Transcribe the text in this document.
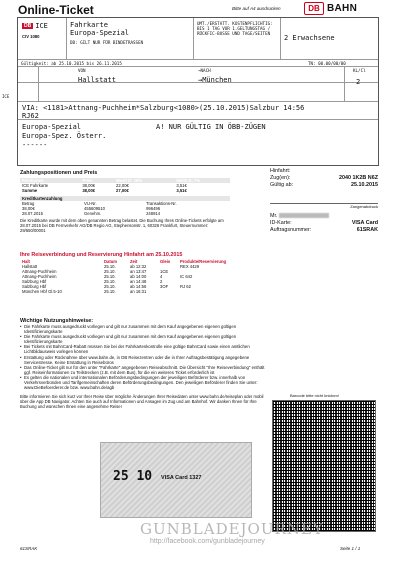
Online-Ticket	Bitte auf A4 ausdrucken	DB BAHN
DB ICE
CIV 1080
Fahrkarte
Europa-Spezial
DB: GILT NUR FÜR BINDETRASSEN
UMT./ERSTATT. KOSTENPFLICHTIG: BIS 1 TAG VOR 1.GELTUNGSTAG / RÜCKFIC-BUSSE UND TAGE/SEITEN
2 Erwachsene
Gültigkeit: ab 25.10.2015 bis 26.11.2015	TN: 00.00/00/00
VON	→NACH
Hallstatt	→München
KL/Cl
2
VIA: <1181>Attnang-Puchheim*Salzburg<1080>(25.10.2015)Salzbur 14:56
RJ62
Europa-Spezial	A! NUR GÜLTIG IN ÖBB-ZÜGEN
Europa-Spez. Österr.
------
ICE
Zahlungspositionen und Preis
Positionen	Preis	MwSt D: 19%	MwSt D: 7%
ICE Fahrkarte	38,00€	22,00€	3,51€
Summe	38,00€	27,00€	3,51€
Kreditkartenzahlung		
Betrag	VU-Nr.	Transaktions-Nr.
38,00€	455609510	996496
28.07.2015	Genehm.	248914
Die Kreditkarte wurde mit dem oben genannten Betrag belastet. Die Buchung Ihres Online-Tickets erfolgte am 28.07.2015 bei DB Fernverkehr AG/DB Regio AG, Stephensonstr. 1, 60326 Frankfurt, Steuernummer: 29/550/00001
Hinfahrt:
Zug(en):	2040 1K2B N6Z
Gültig ab:	25.10.2015
Zangenabdruck
Mr.
ID-Karte:	VISA Card
Auftragsnummer:	61SRAK
Ihre Reiseverbindung und Reservierung Hinfahrt am 25.10.2015
Halt	Datum	Zeit	Gleis	Produkte/Reservierung
Hallstatt	25.10.	ab 12:32		REX 4429
Attnang-Puchheim	25.10.	an 13:47	1CE	
Attnang-Puchheim	25.10.	ab 14:00	4	IC 642
Salzburg Hbf	25.10.	an 14:48	2	
Salzburg Hbf	25.10.	ab 14:56	3OF	RJ 62
München Hbf Gl.5-10	25.10.	an 16:31		
Wichtige Nutzungshinweise:
• Die Fahrkarte muss ausgedruckt vorliegen und gilt nur zusammen mit dem Kauf angegebenen eigenen gültigen Identifizierungskarte
• Die Fahrkarte muss ausgedruckt vorliegen und gilt nur zusammen mit dem Kauf angegebenen eigenen gültigen Identifizierungskarte
• Bei Tickets mit BahnCard-Rabatt müssen Sie bei der Fahrkartenkontrolle eine gültige BahnCard sowie einen amtlichen Lichtbildausweis vorlegen können
• Erstattung oder Rücknahme über www.bahn.de, in DB Reisezentren oder die in Ihrer Auftragsbestätigung angegebene Servicestresse. Keine Erstattung in Reisebüros
• Das Online-Ticket gilt nur für den unter "Fahrkarte" angegebenen Reiseabschnitt. Die Übersicht "Ihre Reiseverbindung" enthält ggf. Reiseinformationen zu Teilstrecken (z.B. mit dem Bus), für die ein weiteres Ticket erforderlich ist
• Es gelten die nationalen und internationalen Beförderungsbedingungen der jeweiligen Beförderer bzw. innerhalb von Verkehrsverbünden und Tarifgemeinschaften deren Beförderungsbedingungen. Den jeweiligen Beförderer finden Sie unter: www.DieBefoerderer.de bzw. www.bahn.de/agb
Bitte informieren Sie sich kurz vor Ihrer Reise über mögliche Änderungen Ihrer Reisedaten unter www.bahn.de/reiseplan oder mobil über die App DB Navigator. Achten Sie auch auf Informationen und Ansagen im Zug und am Bahnhof. Wir danken Ihnen für Ihre Buchung und wünschen Ihnen eine angenehme Reise!
Barcode bitte nicht knicken!
25 10 VISA Card 1327
GUNBLADEJOURNEY
http://facebook.com/gunbladejourney
61SRAK	Seite 1 / 1
